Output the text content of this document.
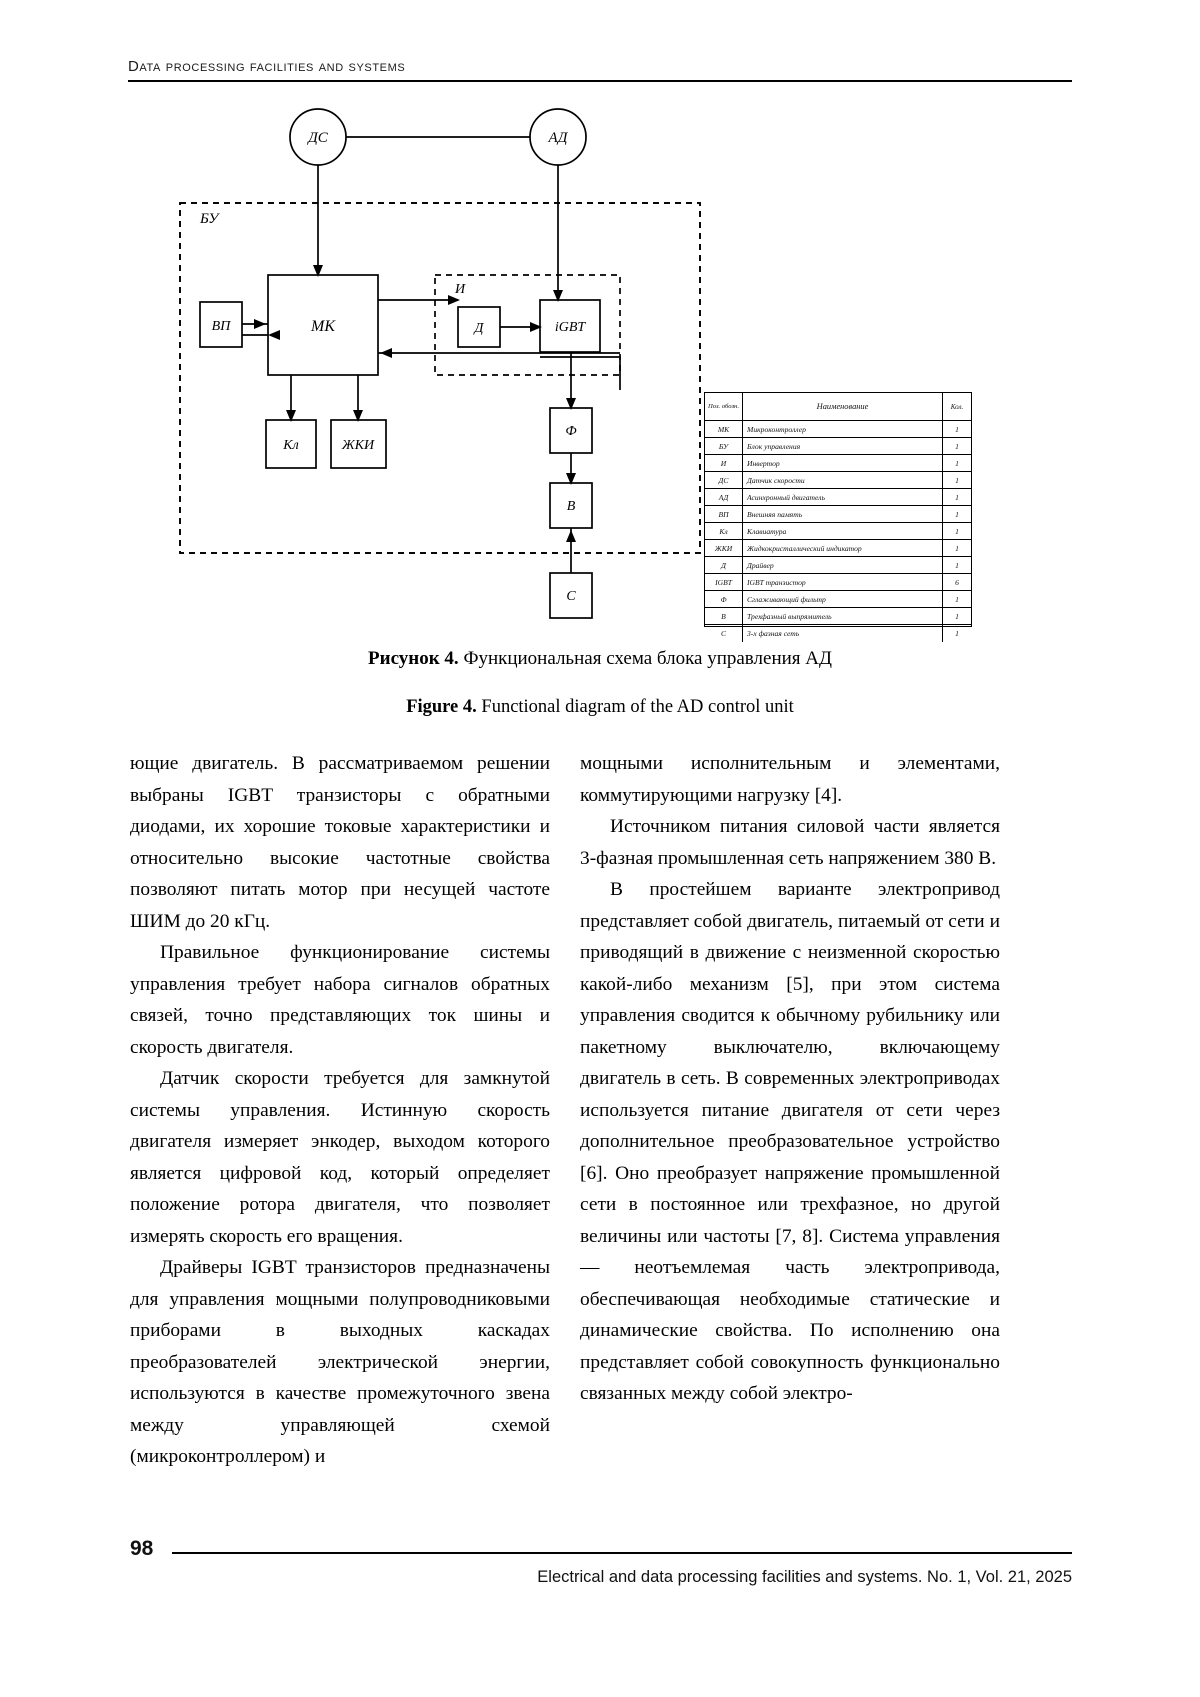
Data processing facilities and systems
ДС	АД
БУ
ВП	МК
И
Д	iGBT
Кл	ЖКИ
Ф
В
С
Поз. обозн.	Наименование	Кол.
МК	Микроконтроллер	1
БУ	Блок управления	1
И	Инвертор	1
ДС	Датчик скорости	1
АД	Асинхронный двигатель	1
ВП	Внешняя память	1
Кл	Клавиатура	1
ЖКИ	Жидкокристаллический индикатор	1
Д	Драйвер	1
IGBT	IGBT транзистор	6
Ф	Сглаживающий фильтр	1
В	Трехфазный выпрямитель	1
С	3-х фазная сеть	1
Рисунок 4. Функциональная схема блока управления АД
Figure 4. Functional diagram of the AD control unit

ющие двигатель. В рассматриваемом решении выбраны IGBT транзисторы с обратными диодами, их хорошие токовые характеристики и относительно высокие частотные свойства позволяют питать мотор при несущей частоте ШИМ до 20 кГц.

Правильное функционирование системы управления требует набора сигналов обратных связей, точно представляющих ток шины и скорость двигателя.

Датчик скорости требуется для замкнутой системы управления. Истинную скорость двигателя измеряет энкодер, выходом которого является цифровой код, который определяет положение ротора двигателя, что позволяет измерять скорость его вращения.

Драйверы IGBT транзисторов предназначены для управления мощными полупроводниковыми приборами в выходных каскадах преобразователей электрической энергии, используются в качестве промежуточного звена между управляющей схемой (микроконтроллером) и

мощными исполнительным и элементами, коммутирующими нагрузку [4].

Источником питания силовой части является 3-фазная промышленная сеть напряжением 380 В.

В простейшем варианте электропривод представляет собой двигатель, питаемый от сети и приводящий в движение с неизменной скоростью какой-либо механизм [5], при этом система управления сводится к обычному рубильнику или пакетному выключателю, включающему двигатель в сеть. В современных электроприводах используется питание двигателя от сети через дополнительное преобразовательное устройство [6]. Оно преобразует напряжение промышленной сети в постоянное или трехфазное, но другой величины или частоты [7, 8]. Система управления — неотъемлемая часть электропривода, обеспечивающая необходимые статические и динамические свойства. По исполнению она представляет собой совокупность функционально связанных между собой электро-

98
Electrical and data processing facilities and systems. No. 1, Vol. 21, 2025
